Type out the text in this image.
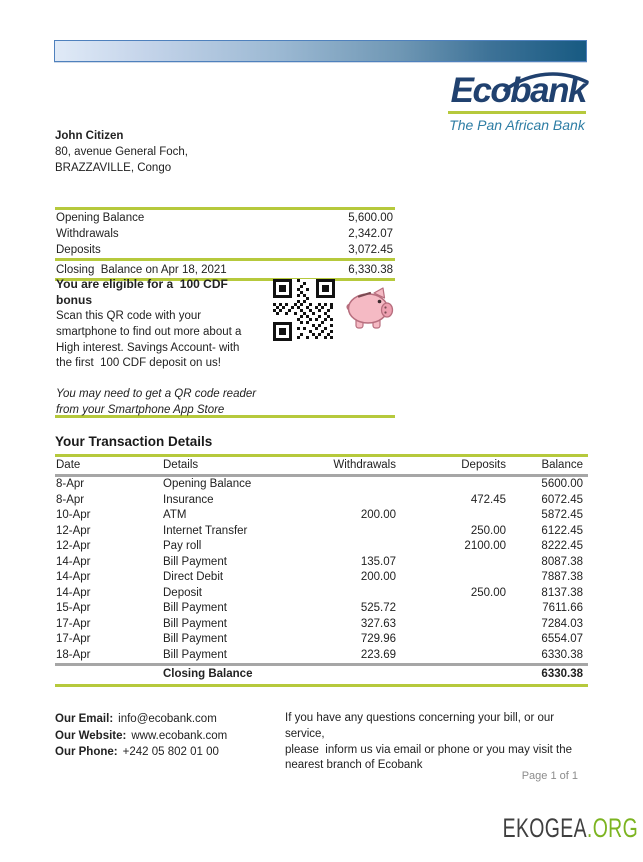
Ecobank
The Pan African Bank
John Citizen
80, avenue General Foch,
BRAZZAVILLE, Congo
Opening Balance	5,600.00
Withdrawals	2,342.07
Deposits	3,072.45
Closing  Balance on Apr 18, 2021	6,330.38
You are eligible for a  100 CDF
bonus
Scan this QR code with your
smartphone to find out more about a
High interest. Savings Account- with
the first  100 CDF deposit on us!
You may need to get a QR code reader
from your Smartphone App Store
Your Transaction Details
Date	Details	Withdrawals	Deposits	Balance
8-Apr	Opening Balance			5600.00
8-Apr	Insurance		472.45	6072.45
10-Apr	ATM	200.00		5872.45
12-Apr	Internet Transfer		250.00	6122.45
12-Apr	Pay roll		2100.00	8222.45
14-Apr	Bill Payment	135.07		8087.38
14-Apr	Direct Debit	200.00		7887.38
14-Apr	Deposit		250.00	8137.38
15-Apr	Bill Payment	525.72		7611.66
17-Apr	Bill Payment	327.63		7284.03
17-Apr	Bill Payment	729.96		6554.07
18-Apr	Bill Payment	223.69		6330.38
	Closing Balance			6330.38
Our Email: info@ecobank.com
Our Website: www.ecobank.com
Our Phone: +242 05 802 01 00
If you have any questions concerning your bill, or our service,
please  inform us via email or phone or you may visit the
nearest branch of Ecobank
Page 1 of 1
EKOGEA.ORG
